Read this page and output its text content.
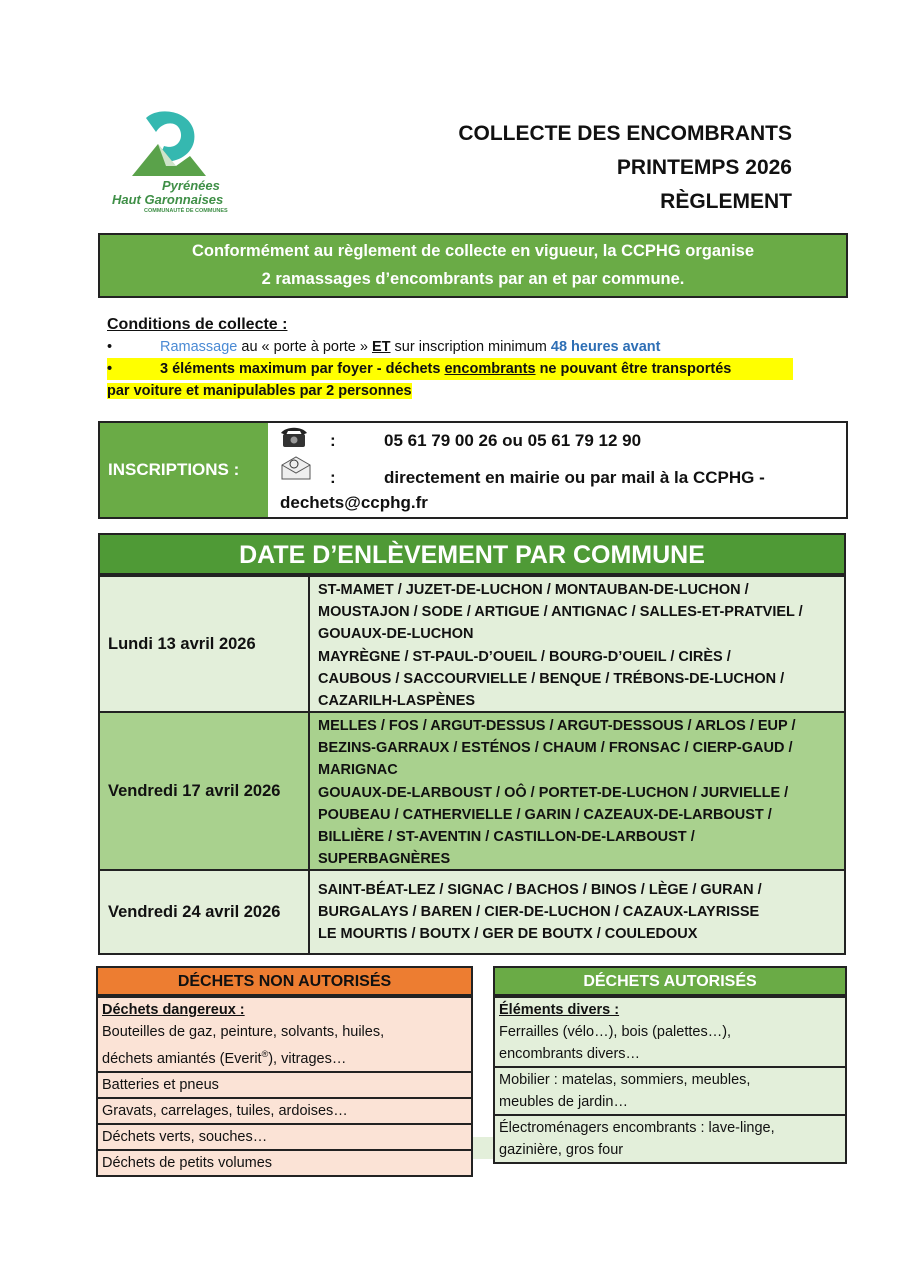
Pyrénées
Haut Garonnaises
COMMUNAUTÉ DE COMMUNES
COLLECTE DES ENCOMBRANTS
PRINTEMPS 2026
RÈGLEMENT
Conformément au règlement de collecte en vigueur, la CCPHG organise
2 ramassages d’encombrants par an et par commune.
Conditions de collecte :
•	Ramassage au « porte à porte » ET sur inscription minimum 48 heures avant
•	3 éléments maximum par foyer - déchets encombrants ne pouvant être transportés
par voiture et manipulables par 2 personnes
INSCRIPTIONS :
:	05 61 79 00 26 ou 05 61 79 12 90
:	directement en mairie ou par mail à la CCPHG -
dechets@ccphg.fr
DATE D’ENLÈVEMENT PAR COMMUNE
Lundi 13 avril 2026
ST-MAMET / JUZET-DE-LUCHON / MONTAUBAN-DE-LUCHON /
MOUSTAJON / SODE / ARTIGUE / ANTIGNAC / SALLES-ET-PRATVIEL /
GOUAUX-DE-LUCHON
MAYRÈGNE / ST-PAUL-D’OUEIL / BOURG-D’OUEIL / CIRÈS /
CAUBOUS / SACCOURVIELLE / BENQUE / TRÉBONS-DE-LUCHON /
CAZARILH-LASPÈNES
Vendredi 17 avril 2026
MELLES / FOS / ARGUT-DESSUS / ARGUT-DESSOUS / ARLOS / EUP /
BEZINS-GARRAUX / ESTÉNOS / CHAUM / FRONSAC / CIERP-GAUD /
MARIGNAC
GOUAUX-DE-LARBOUST / OÔ / PORTET-DE-LUCHON / JURVIELLE /
POUBEAU / CATHERVIELLE / GARIN / CAZEAUX-DE-LARBOUST /
BILLIÈRE / ST-AVENTIN / CASTILLON-DE-LARBOUST /
SUPERBAGNÈRES
Vendredi 24 avril 2026
SAINT-BÉAT-LEZ / SIGNAC / BACHOS / BINOS / LÈGE / GURAN /
BURGALAYS / BAREN / CIER-DE-LUCHON / CAZAUX-LAYRISSE
LE MOURTIS / BOUTX / GER DE BOUTX / COULEDOUX
DÉCHETS NON AUTORISÉS
Déchets dangereux :
Bouteilles de gaz, peinture, solvants, huiles,
déchets amiantés (Everit®), vitrages…
Batteries et pneus
Gravats, carrelages, tuiles, ardoises…
Déchets verts, souches…
Déchets de petits volumes
DÉCHETS AUTORISÉS
Éléments divers :
Ferrailles (vélo…), bois (palettes…),
encombrants divers…
Mobilier : matelas, sommiers, meubles,
meubles de jardin…
Électroménagers encombrants : lave-linge,
gazinière, gros four
